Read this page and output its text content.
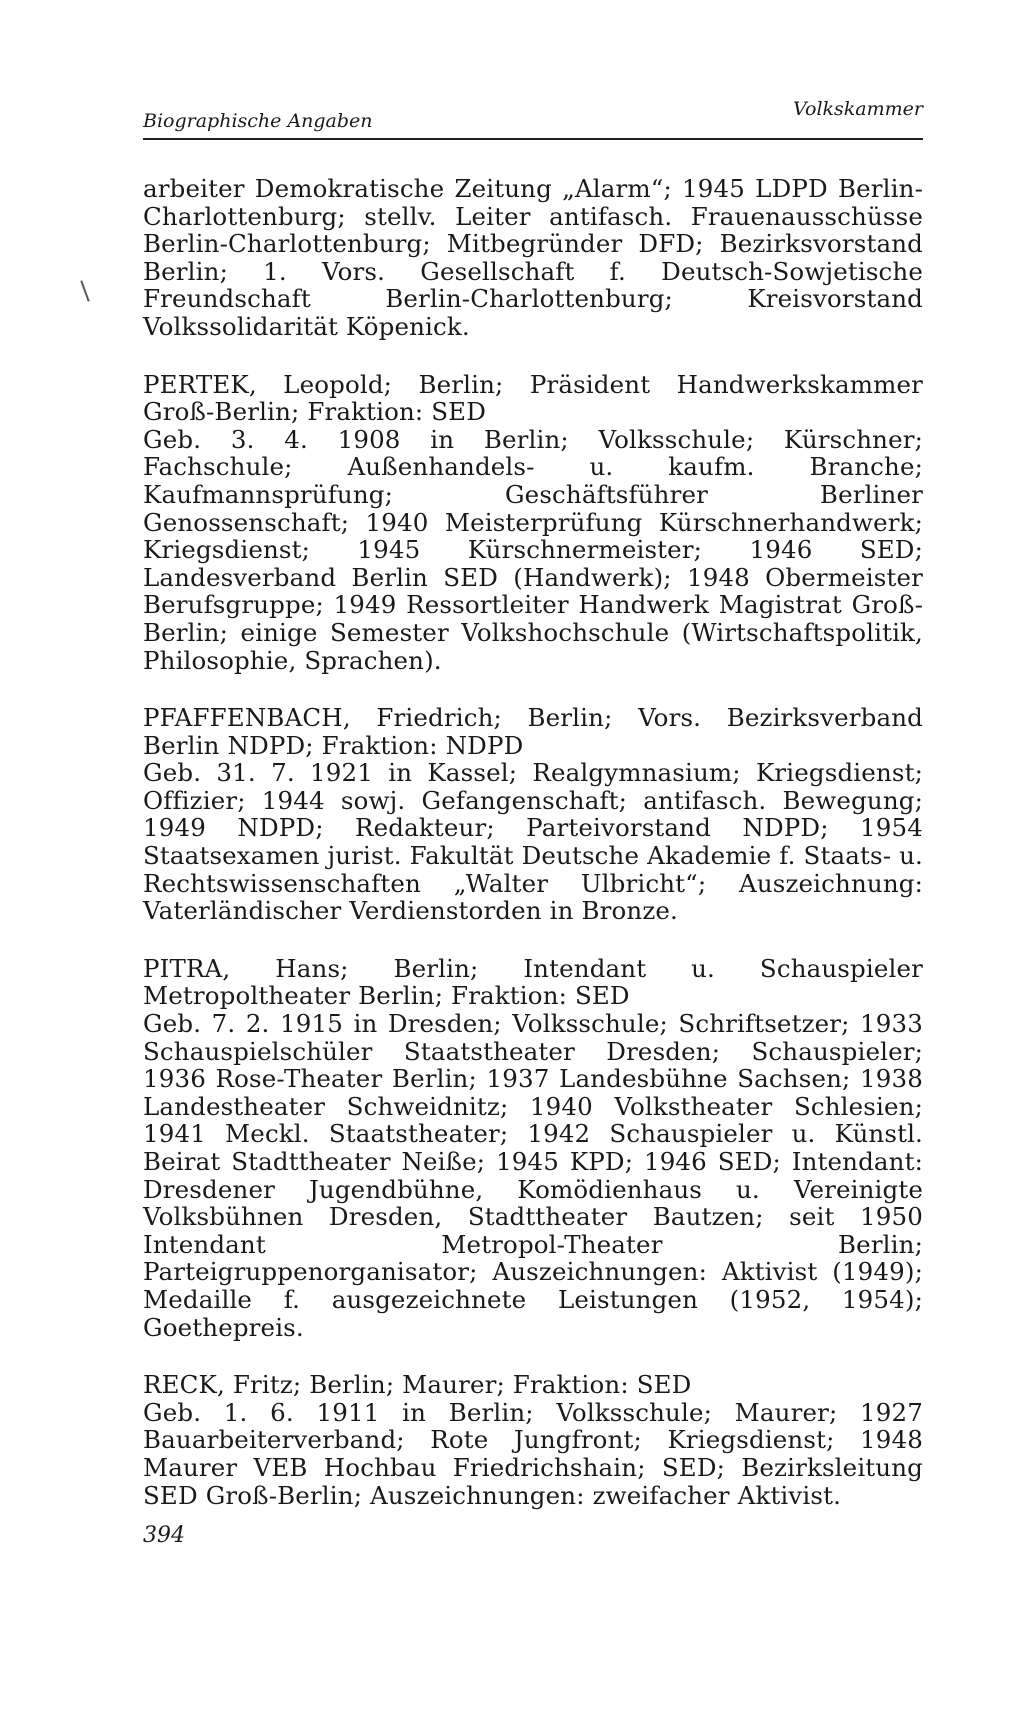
Biographische Angaben
Volkskammer
arbeiter Demokratische Zeitung „Alarm“; 1945 LDPD Berlin-Charlottenburg; stellv. Leiter antifasch. Frauenausschüsse Berlin-Charlottenburg; Mitbegründer DFD; Bezirksvorstand Berlin; 1. Vors. Gesellschaft f. Deutsch-Sowjetische Freundschaft Berlin-Charlottenburg; Kreisvorstand Volkssolidarität Köpenick.
PERTEK, Leopold; Berlin; Präsident Handwerkskammer Groß-Berlin; Fraktion: SED
Geb. 3. 4. 1908 in Berlin; Volksschule; Kürschner; Fachschule; Außenhandels- u. kaufm. Branche; Kaufmannsprüfung; Geschäftsführer Berliner Genossenschaft; 1940 Meisterprüfung Kürschnerhandwerk; Kriegsdienst; 1945 Kürschnermeister; 1946 SED; Landesverband Berlin SED (Handwerk); 1948 Obermeister Berufsgruppe; 1949 Ressortleiter Handwerk Magistrat Groß-Berlin; einige Semester Volkshochschule (Wirtschaftspolitik, Philosophie, Sprachen).
PFAFFENBACH, Friedrich; Berlin; Vors. Bezirksverband Berlin NDPD; Fraktion: NDPD
Geb. 31. 7. 1921 in Kassel; Realgymnasium; Kriegsdienst; Offizier; 1944 sowj. Gefangenschaft; antifasch. Bewegung; 1949 NDPD; Redakteur; Parteivorstand NDPD; 1954 Staatsexamen jurist. Fakultät Deutsche Akademie f. Staats- u. Rechtswissenschaften „Walter Ulbricht“; Auszeichnung: Vaterländischer Verdienstorden in Bronze.
PITRA, Hans; Berlin; Intendant u. Schauspieler Metropoltheater Berlin; Fraktion: SED
Geb. 7. 2. 1915 in Dresden; Volksschule; Schriftsetzer; 1933 Schauspielschüler Staatstheater Dresden; Schauspieler; 1936 Rose-Theater Berlin; 1937 Landesbühne Sachsen; 1938 Landestheater Schweidnitz; 1940 Volkstheater Schlesien; 1941 Meckl. Staatstheater; 1942 Schauspieler u. Künstl. Beirat Stadttheater Neiße; 1945 KPD; 1946 SED; Intendant: Dresdener Jugendbühne, Komödienhaus u. Vereinigte Volksbühnen Dresden, Stadttheater Bautzen; seit 1950 Intendant Metropol-Theater Berlin; Parteigruppenorganisator; Auszeichnungen: Aktivist (1949); Medaille f. ausgezeichnete Leistungen (1952, 1954); Goethepreis.
RECK, Fritz; Berlin; Maurer; Fraktion: SED
Geb. 1. 6. 1911 in Berlin; Volksschule; Maurer; 1927 Bauarbeiterverband; Rote Jungfront; Kriegsdienst; 1948 Maurer VEB Hochbau Friedrichshain; SED; Bezirksleitung SED Groß-Berlin; Auszeichnungen: zweifacher Aktivist.
394
